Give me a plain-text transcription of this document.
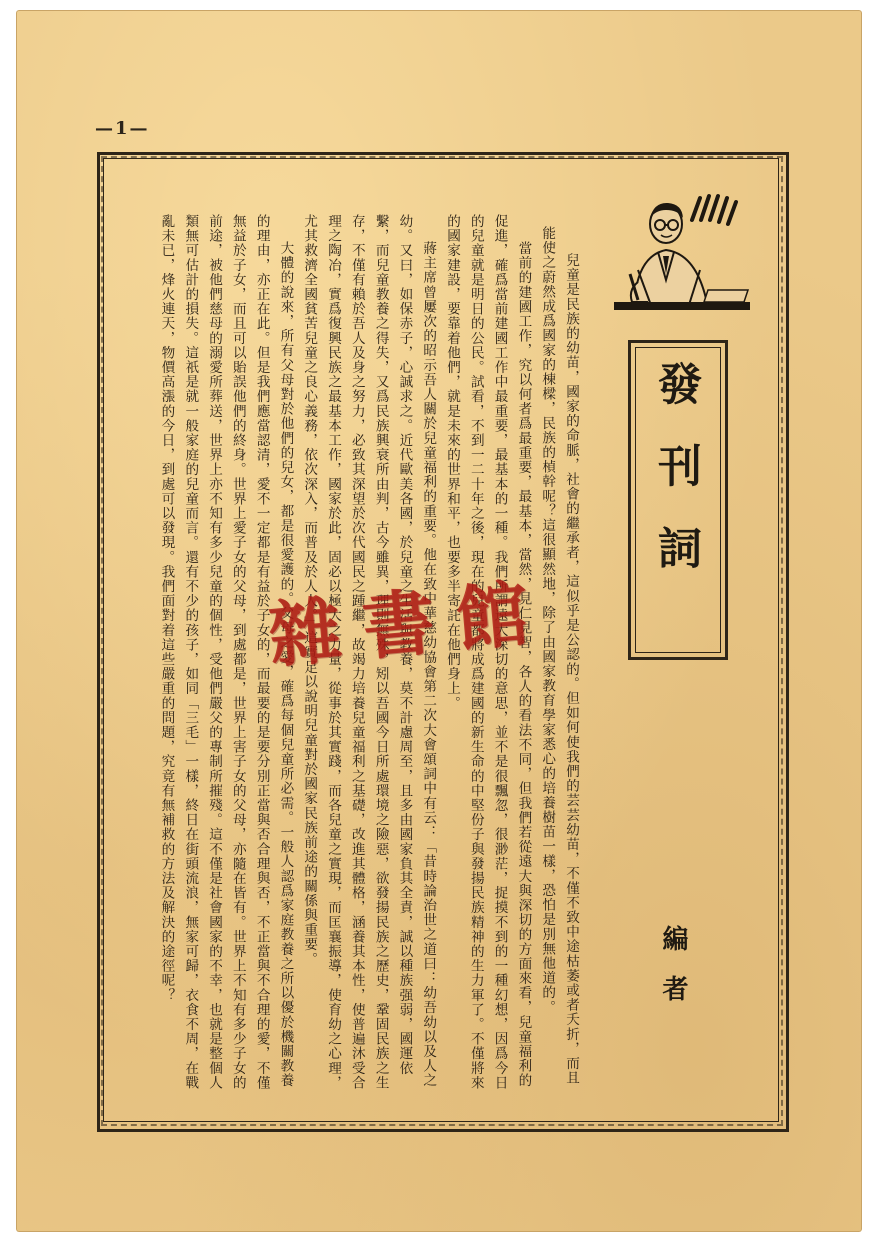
—1—
發刊詞
編者

兒童是民族的幼苗，國家的命脈，社會的繼承者，這似乎是公認的。但如何使我們的芸芸幼苗，不僅不致中途枯萎或者夭折，而且能使之蔚然成爲國家的棟樑，民族的楨幹呢？這很顯然地，除了由國家教育學家悉心的培養樹苗一樣，恐怕是別無他道的。

當前的建國工作，究以何者爲最重要，最基本，當然，見仁見智，各人的看法不同，但我們若從遠大與深切的方面來看，兒童福利的促進，確爲當前建國工作中最重要，最基本的一種。我們所謂遠大深切的意思，並不是很飄忽，很渺茫，捉摸不到的一種幻想，因爲今日的兒童就是明日的公民。試看，不到一二十年之後，現在的兒童都將成爲建國的新生命的中堅份子與發揚民族精神的生力軍了。不僅將來的國家建設，要靠着他們，就是未來的世界和平，也要多半寄託在他們身上。

蔣主席曾屢次的昭示吾人關於兒童福利的重要。他在致中華慈幼協會第二次大會頌詞中有云：「昔時論治世之道曰：幼吾幼以及人之幼。又曰，如保赤子，心誠求之。近代歐美各國，於兒童之生活與教養，莫不計慮周至，且多由國家負其全責，誠以種族强弱，國運依繫，而兒童教養之得失，又爲民族興衰所由判，古今雖異，理則無殊，矧以吾國今日所處環境之險惡，欲發揚民族之歷史，鞏固民族之生存，不僅有賴於吾人及身之努力，必致其深望於次代國民之踵繼，故竭力培養兒童福利之基礎，改進其體格，涵養其本性，使普遍沐受合理之陶冶，實爲復興民族之最基本工作，國家於此，固必以極大之力量，從事於其實踐，而各兒童之實現，而匡襄振導，使育幼之心理，尤其救濟全國貧苦兒童之良心義務，依次深入，而普及於人人。」這實足以說明兒童對於國家民族前途的關係與重要。

大體的說來，所有父母對於他們的兒女，都是很愛護的。父母之愛，確爲每個兒童所必需。一般人認爲家庭教養之所以優於機關教養的理由，亦正在此。但是我們應當認清，愛不一定都是有益於子女的，而最要的是要分別正當與否合理與否，不正當與不合理的愛，不僅無益於子女，而且可以貽誤他們的終身。世界上愛子女的父母，到處都是，世界上害子女的父母，亦隨在皆有。世界上不知有多少子女的前途，被他們慈母的溺愛所葬送，世界上亦不知有多少兒童的個性，受他們嚴父的專制所摧殘。這不僅是社會國家的不幸，也就是整個人類無可估計的損失。這祇是就一般家庭的兒童而言。還有不少的孩子，如同「三毛」一樣，終日在街頭流浪，無家可歸，衣食不周，在戰亂未已，烽火連天，物價高漲的今日，到處可以發現。我們面對着這些嚴重的問題，究竟有無補救的方法及解決的途徑呢？	雜書館
